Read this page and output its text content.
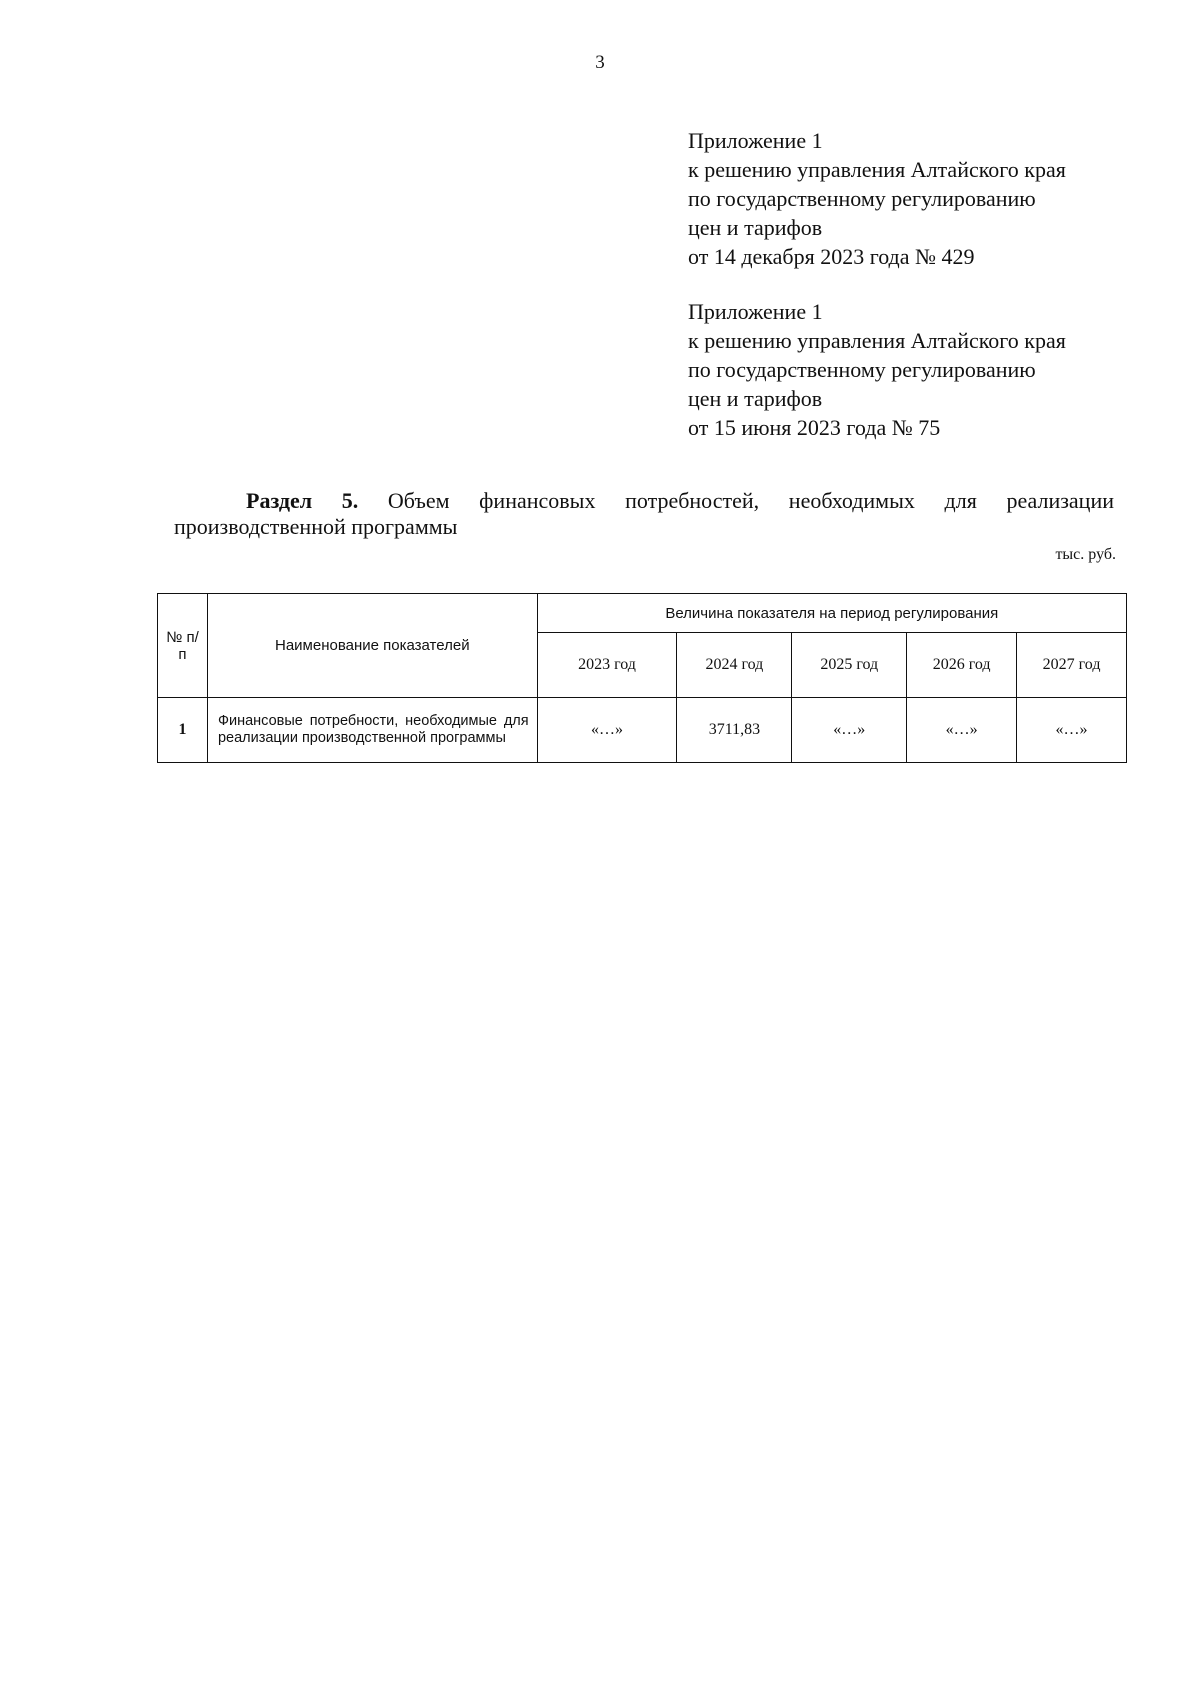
3
Приложение 1
к решению управления Алтайского края
по государственному регулированию
цен и тарифов
от 14 декабря 2023 года № 429
Приложение 1
к решению управления Алтайского края
по государственному регулированию
цен и тарифов
от 15 июня 2023 года № 75
Раздел 5. Объем финансовых потребностей, необходимых для реализации производственной программы
тыс. руб.
№ п/п	Наименование показателей	Величина показателя на период регулирования				
		2023 год	2024 год	2025 год	2026 год	2027 год
1	Финансовые потребности, необходимые для реализации производственной программы	«…»	3711,83	«…»	«…»	«…»
